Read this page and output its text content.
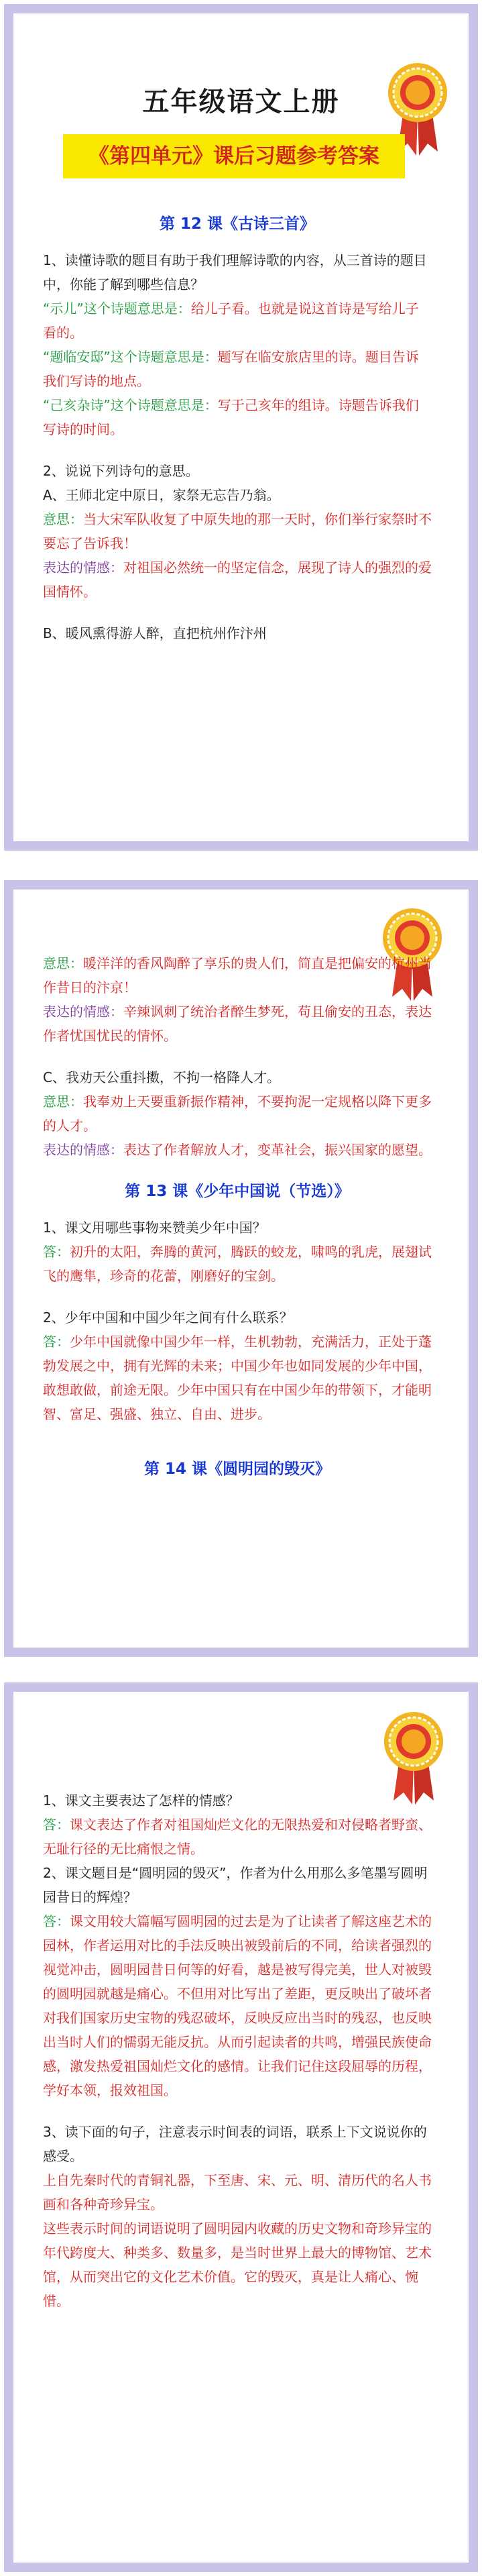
五年级语文上册
《第四单元》课后习题参考答案
第 12 课《古诗三首》
1、读懂诗歌的题目有助于我们理解诗歌的内容，从三首诗的题目中，你能了解到哪些信息？
“示儿”这个诗题意思是：给儿子看。也就是说这首诗是写给儿子看的。
“题临安邸”这个诗题意思是：题写在临安旅店里的诗。题目告诉我们写诗的地点。
“己亥杂诗”这个诗题意思是：写于己亥年的组诗。诗题告诉我们写诗的时间。
2、说说下列诗句的意思。
A、王师北定中原日，家祭无忘告乃翁。
意思：当大宋军队收复了中原失地的那一天时，你们举行家祭时不要忘了告诉我！
表达的情感：对祖国必然统一的坚定信念，展现了诗人的强烈的爱国情怀。
B、暖风熏得游人醉，直把杭州作汴州
意思：暖洋洋的香风陶醉了享乐的贵人们，简直是把偏安的杭州当作昔日的汴京！
表达的情感：辛辣讽刺了统治者醉生梦死，苟且偷安的丑态，表达作者忧国忧民的情怀。
C、我劝天公重抖擞，不拘一格降人才。
意思：我奉劝上天要重新振作精神，不要拘泥一定规格以降下更多的人才。
表达的情感：表达了作者解放人才，变革社会，振兴国家的愿望。
第 13 课《少年中国说（节选）》
1、课文用哪些事物来赞美少年中国？
答：初升的太阳，奔腾的黄河，腾跃的蛟龙，啸鸣的乳虎，展翅试飞的鹰隼，珍奇的花蕾，刚磨好的宝剑。
2、少年中国和中国少年之间有什么联系？
答：少年中国就像中国少年一样，生机勃勃，充满活力，正处于蓬勃发展之中，拥有光辉的未来；中国少年也如同发展的少年中国，敢想敢做，前途无限。少年中国只有在中国少年的带领下，才能明智、富足、强盛、独立、自由、进步。
第 14 课《圆明园的毁灭》
1、课文主要表达了怎样的情感？
答：课文表达了作者对祖国灿烂文化的无限热爱和对侵略者野蛮、无耻行径的无比痛恨之情。
2、课文题目是“圆明园的毁灭”，作者为什么用那么多笔墨写圆明园昔日的辉煌？
答：课文用较大篇幅写圆明园的过去是为了让读者了解这座艺术的园林，作者运用对比的手法反映出被毁前后的不同，给读者强烈的视觉冲击，圆明园昔日何等的好看，越是被写得完美，世人对被毁的圆明园就越是痛心。不但用对比写出了差距，更反映出了破坏者对我们国家历史宝物的残忍破坏，反映反应出当时的残忍，也反映出当时人们的懦弱无能反抗。从而引起读者的共鸣，增强民族使命感，激发热爱祖国灿烂文化的感情。让我们记住这段屈辱的历程，学好本领，报效祖国。
3、读下面的句子，注意表示时间表的词语，联系上下文说说你的感受。
上自先秦时代的青铜礼器，下至唐、宋、元、明、清历代的名人书画和各种奇珍异宝。
这些表示时间的词语说明了圆明园内收藏的历史文物和奇珍异宝的年代跨度大、种类多、数量多，是当时世界上最大的博物馆、艺术馆，从而突出它的文化艺术价值。它的毁灭，真是让人痛心、惋惜。
